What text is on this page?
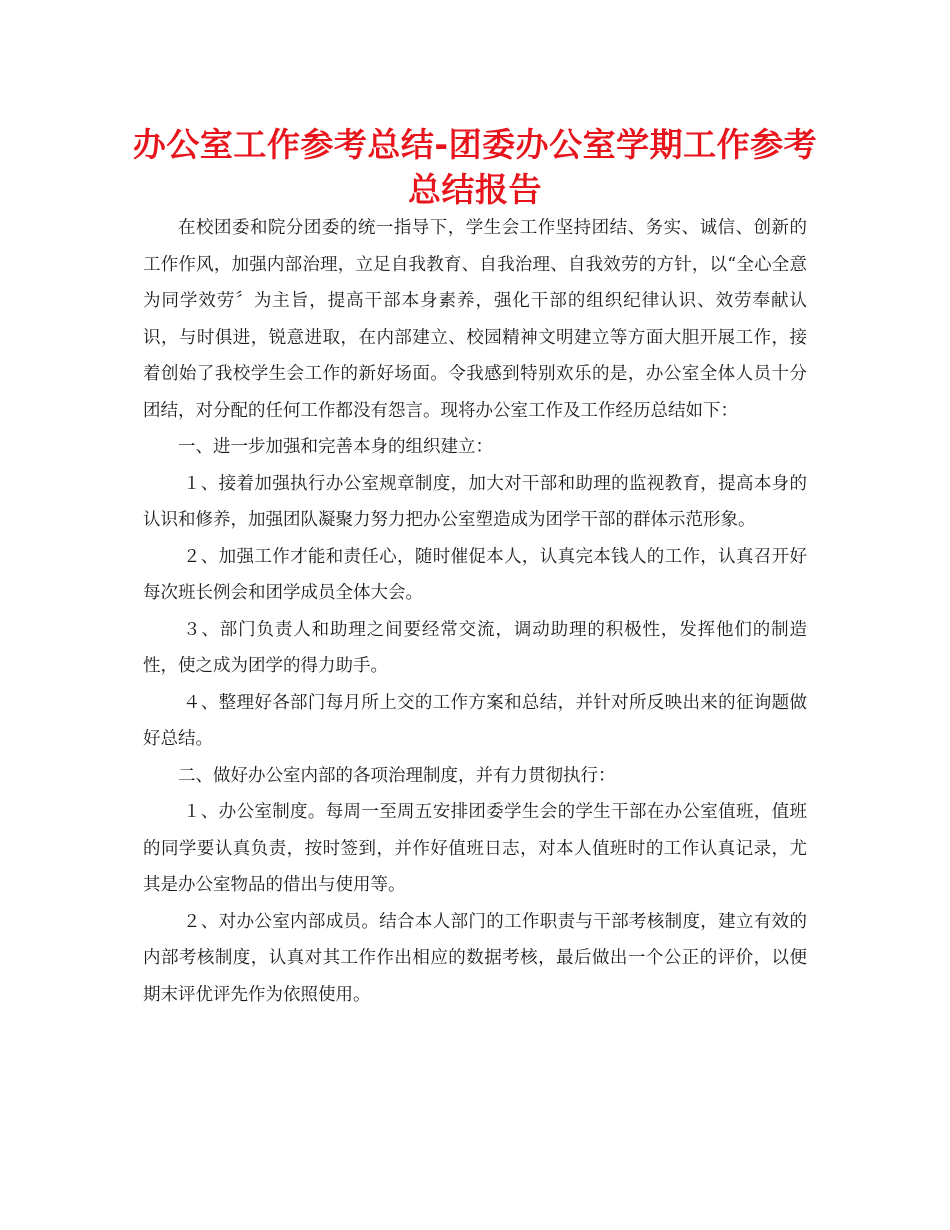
办公室工作参考总结-团委办公室学期工作参考总结报告

在校团委和院分团委的统一指导下，学生会工作坚持团结、务实、诚信、创新的工作作风，加强内部治理，立足自我教育、自我治理、自我效劳的方针，以“全心全意为同学效劳〞为主旨，提高干部本身素养，强化干部的组织纪律认识、效劳奉献认识，与时俱进，锐意进取，在内部建立、校园精神文明建立等方面大胆开展工作，接着创始了我校学生会工作的新好场面。令我感到特别欢乐的是，办公室全体人员十分团结，对分配的任何工作都没有怨言。现将办公室工作及工作经历总结如下：

一、进一步加强和完善本身的组织建立：

１、接着加强执行办公室规章制度，加大对干部和助理的监视教育，提高本身的认识和修养，加强团队凝聚力努力把办公室塑造成为团学干部的群体示范形象。

２、加强工作才能和责任心，随时催促本人，认真完本钱人的工作，认真召开好每次班长例会和团学成员全体大会。

３、部门负责人和助理之间要经常交流，调动助理的积极性，发挥他们的制造性，使之成为团学的得力助手。

４、整理好各部门每月所上交的工作方案和总结，并针对所反映出来的征询题做好总结。

二、做好办公室内部的各项治理制度，并有力贯彻执行：

１、办公室制度。每周一至周五安排团委学生会的学生干部在办公室值班，值班的同学要认真负责，按时签到，并作好值班日志，对本人值班时的工作认真记录，尤其是办公室物品的借出与使用等。

２、对办公室内部成员。结合本人部门的工作职责与干部考核制度，建立有效的内部考核制度，认真对其工作作出相应的数据考核，最后做出一个公正的评价，以便期末评优评先作为依照使用。
